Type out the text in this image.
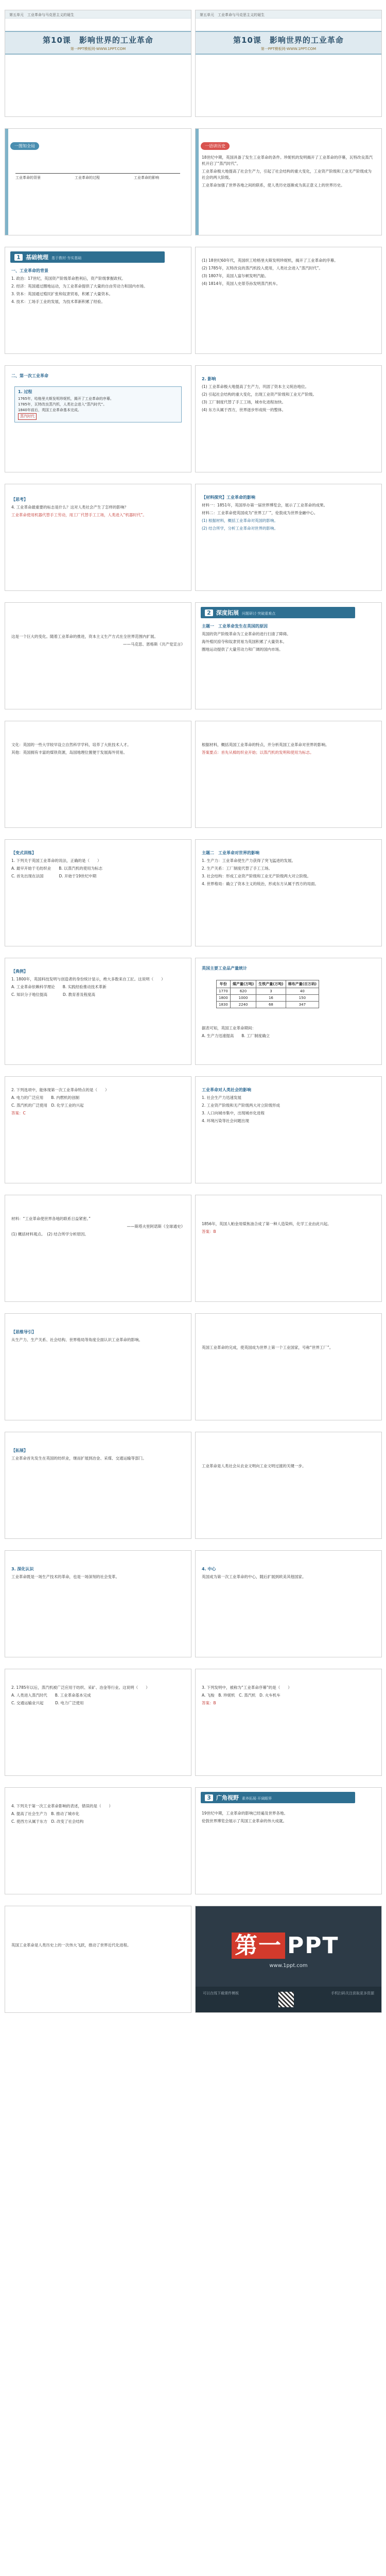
第五单元　工业革命与马克思主义的诞生
第10课　影响世界的工业革命
第一PPT模板网-WWW.1PPT.COM
第五单元　工业革命与马克思主义的诞生
第10课　影响世界的工业革命
第一PPT模板网-WWW.1PPT.COM
一图知全局
工业革命的背景	工业革命的过程	工业革命的影响
一语讲历史

18世纪中期，英国具备了发生工业革命的条件。珍妮机的发明揭开了工业革命的序幕，瓦特改良蒸汽机开启了“蒸汽时代”。

工业革命极大地提高了社会生产力，引起了社会结构的重大变化，工业资产阶级和工业无产阶级成为社会的两大阶级。

工业革命加强了世界各地之间的联系，使人类历史逐渐成为真正意义上的世界历史。

1 基础梳理 基于教材·夯实基础
一、工业革命的背景

1. 政治：17世纪，英国资产阶级革命胜利后，资产阶级掌握政权。

2. 经济：英国通过圈地运动，为工业革命提供了大量的自由劳动力和国内市场。

3. 资本：英国通过殖民扩张和奴隶贸易，积累了大量资本。

4. 技术：工场手工业的发展，为技术革新积累了经验。

(1) 18世纪60年代，英国织工哈格里夫斯发明珍妮机，揭开了工业革命的序幕。

(2) 1785年，瓦特改良的蒸汽机投入使用，人类社会进入“蒸汽时代”。

(3) 1807年，美国人富尔顿发明汽船。

(4) 1814年，英国人史蒂芬孙发明蒸汽机车。

二、第一次工业革命
1. 过程

1765年，哈格里夫斯发明珍妮机，揭开了工业革命的序幕。

1785年，瓦特改良蒸汽机，人类社会进入“蒸汽时代”。

1840年前后，英国工业革命基本完成。

蒸汽时代
2. 影响

(1) 工业革命极大地提高了生产力，巩固了资本主义统治地位。

(2) 引起社会结构的重大变化，出现工业资产阶级和工业无产阶级。

(3) 工厂制度代替了手工工场，城市化进程加快。

(4) 东方从属于西方，世界逐步形成统一的整体。

【思考】

4. 工业革命最重要的标志是什么？这对人类社会产生了怎样的影响？

工业革命使用机器代替手工劳动，用工厂代替手工工场，人类进入“机器时代”。

【材料探究】工业革命的影响

材料一：1851年，英国举办第一届世界博览会，展示了工业革命的成果。

材料二：工业革命使英国成为“世界工厂”，伦敦成为世界金融中心。

(1) 根据材料，概括工业革命对英国的影响。

(2) 结合所学，分析工业革命对世界的影响。

这是一个巨大的变化。随着工业革命的推进，资本主义生产方式在全世界范围内扩展。

——马克思、恩格斯《共产党宣言》

2 深度拓展 问题研讨·突破重难点
主题一　工业革命发生在英国的原因

英国的资产阶级革命为工业革命的进行扫清了障碍。

海外殖民掠夺和奴隶贸易为英国积累了大量资本。

圈地运动提供了大量劳动力和广阔的国内市场。

文化：英国的一些大学较早设立自然科学学科，培养了大批技术人才。

其他：英国拥有丰富的煤铁资源，岛国地理位置便于发展海外贸易。

根据材料，概括英国工业革命的特点，并分析英国工业革命对世界的影响。

答案要点：首先从棉纺织业开始；以蒸汽机的发明和使用为标志。

【变式训练】

1. 下列关于英国工业革命的说法，正确的是（　　）

A. 最早开始于毛纺织业　　B. 以蒸汽机的使用为标志

C. 首先出现在法国　　　　D. 开始于19世纪中期

主题二　工业革命对世界的影响

1. 生产力：工业革命使生产力获得了突飞猛进的发展。

2. 生产关系：工厂制度代替了手工工场。

3. 社会结构：形成工业资产阶级和工业无产阶级两大对立阶级。

4. 世界格局：确立了资本主义的统治，形成东方从属于西方的局面。

【典例】

1. 1800年，英国科技发明与创造者的身份统计显示，绝大多数来自工匠。这说明（　　）

A. 工业革命依赖科学理论　　B. 实践经验推动技术革新

C. 知识分子地位提高　　　　D. 教育普及程度高

英国主要工业品产量统计
年份	煤产量(万吨)	生铁产量(万吨)	棉布产量(百万码)
1770	620	3	40
1800	1000	16	150
1830	2240	68	347

据表可知，英国工业革命期间：

A. 生产力迅速提高　　B. 工厂制度确立

2. 下列选项中，能体现第一次工业革命特点的是（　　）

A. 电力的广泛应用　　B. 内燃机的创制

C. 蒸汽机的广泛使用　D. 化学工业的兴起

答案：C

工业革命对人类社会的影响

1. 社会生产力迅速发展

2. 工业资产阶级和无产阶级两大对立阶级形成

3. 人口向城市集中，出现城市化进程

4. 环境污染等社会问题出现

材料：“工业革命使世界各地的联系日益紧密。”

——斯塔夫里阿诺斯《全球通史》

(1) 概括材料观点。　(2) 结合所学分析原因。

1856年，英国人帕金用煤焦油合成了第一种人造染料，化学工业由此兴起。

答案：B

【思维导引】

从生产力、生产关系、社会结构、世界格局等角度全面认识工业革命的影响。

英国工业革命的完成，使英国成为世界上第一个工业国家，号称“世界工厂”。

【拓展】

工业革命首先发生在英国的纺织业，继而扩展到冶金、采煤、交通运输等部门。

工业革命是人类社会从农业文明向工业文明过渡的关键一步。

3. 深化认识

工业革命既是一场生产技术的革命，也是一场深刻的社会变革。

4. 中心

英国成为第一次工业革命的中心，随后扩展到欧美其他国家。

2. 1785年以后，蒸汽机被广泛应用于纺织、采矿、冶金等行业。这说明（　　）

A. 人类进入蒸汽时代　　B. 工业革命基本完成

C. 交通运输业兴起　　　D. 电力广泛使用

3. 下列发明中，被称为“工业革命序幕”的是（　　）

A. 飞梭　B. 珍妮机　C. 蒸汽机　D. 火车机车

答案：B

4. 下列关于第一次工业革命影响的表述，错误的是（　　）

A. 提高了社会生产力　B. 推动了城市化

C. 使西方从属于东方　D. 改变了社会结构

3 广角视野 素养拓展·开阔眼界

19世纪中期，工业革命的影响已经遍及世界各地。

伦敦世界博览会展示了英国工业革命的伟大成就。

英国工业革命是人类历史上的一次伟大飞跃，推动了世界近代化进程。	第一 PPT
www.1ppt.com
可以在线下载课件模板	手机扫码关注获取更多资源
